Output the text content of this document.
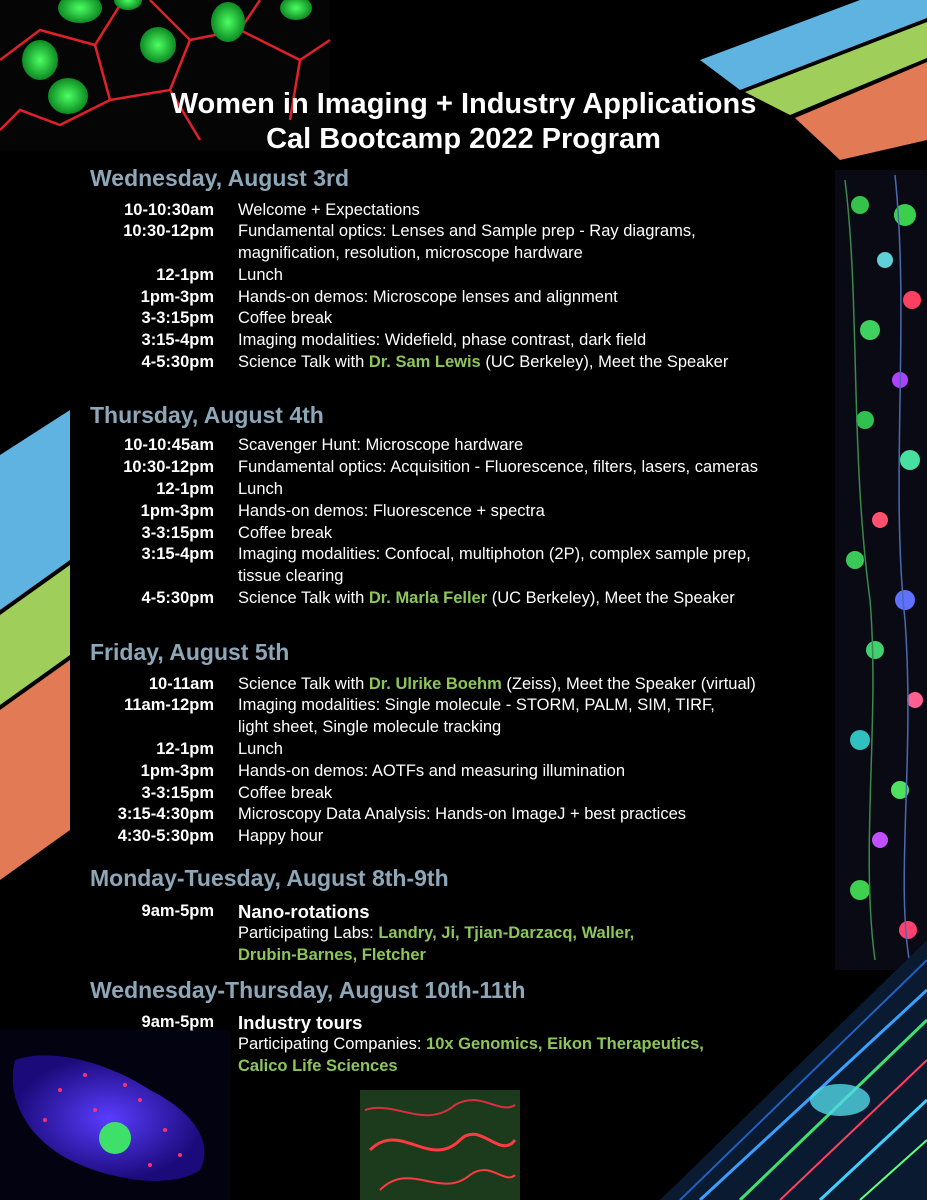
Women in Imaging + Industry Applications
Cal Bootcamp 2022 Program
Wednesday, August 3rd
10-10:30am Welcome + Expectations
10:30-12pm Fundamental optics: Lenses and Sample prep - Ray diagrams,
magnification, resolution, microscope hardware
12-1pm Lunch
1pm-3pm Hands-on demos: Microscope lenses and alignment
3-3:15pm Coffee break
3:15-4pm Imaging modalities: Widefield, phase contrast, dark field
4-5:30pm Science Talk with Dr. Sam Lewis (UC Berkeley), Meet the Speaker
Thursday, August 4th
10-10:45am Scavenger Hunt: Microscope hardware
10:30-12pm Fundamental optics: Acquisition - Fluorescence, filters, lasers, cameras
12-1pm Lunch
1pm-3pm Hands-on demos: Fluorescence + spectra
3-3:15pm Coffee break
3:15-4pm Imaging modalities: Confocal, multiphoton (2P), complex sample prep,
tissue clearing
4-5:30pm Science Talk with Dr. Marla Feller (UC Berkeley), Meet the Speaker
Friday, August 5th
10-11am Science Talk with Dr. Ulrike Boehm (Zeiss), Meet the Speaker (virtual)
11am-12pm Imaging modalities: Single molecule - STORM, PALM, SIM, TIRF,
light sheet, Single molecule tracking
12-1pm Lunch
1pm-3pm Hands-on demos: AOTFs and measuring illumination
3-3:15pm Coffee break
3:15-4:30pm Microscopy Data Analysis: Hands-on ImageJ + best practices
4:30-5:30pm Happy hour
Monday-Tuesday, August 8th-9th
9am-5pm Nano-rotations
Participating Labs: Landry, Ji, Tjian-Darzacq, Waller,
Drubin-Barnes, Fletcher
Wednesday-Thursday, August 10th-11th
9am-5pm Industry tours
Participating Companies: 10x Genomics, Eikon Therapeutics,
Calico Life Sciences
